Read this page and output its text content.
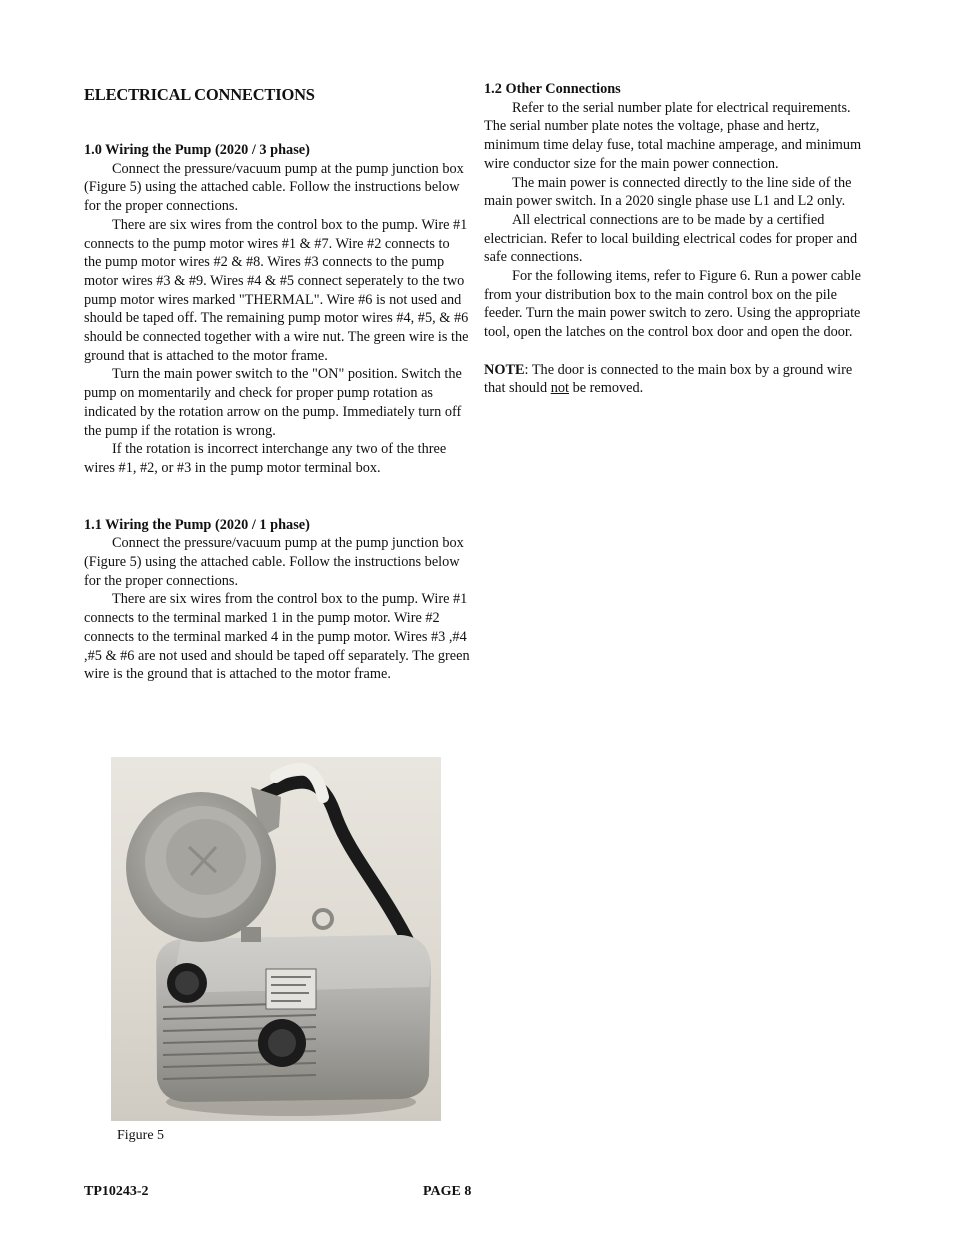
ELECTRICAL CONNECTIONS
1.0 Wiring the Pump (2020 / 3 phase)

Connect the pressure/vacuum pump at the pump junction box (Figure 5) using the attached cable. Follow the instructions below for the proper connections.

There are six wires from the control box to the pump. Wire #1 connects to the pump motor wires #1 & #7. Wire #2 connects to the pump motor wires #2 & #8. Wires #3 connects to the pump motor wires #3 & #9. Wires #4 & #5 connect seperately to the two pump motor wires marked "THERMAL". Wire #6 is not used and should be taped off. The remaining pump motor wires #4, #5, & #6 should be connected together with a wire nut. The green wire is the ground that is attached to the motor frame.

Turn the main power switch to the "ON" position. Switch the pump on momentarily and check for proper pump rotation as indicated by the rotation arrow on the pump. Immediately turn off the pump if the rotation is wrong.

If the rotation is incorrect interchange any two of the three wires #1, #2, or #3 in the pump motor terminal box.

1.1 Wiring the Pump (2020 / 1 phase)

Connect the pressure/vacuum pump at the pump junction box (Figure 5) using the attached cable. Follow the instructions below for the proper connections.

There are six wires from the control box to the pump. Wire #1 connects to the terminal marked 1 in the pump motor. Wire #2 connects to the terminal marked 4 in the pump motor. Wires #3 ,#4 ,#5 & #6 are not used and should be taped off separately. The green wire is the ground that is attached to the motor frame.

1.2 Other Connections

Refer to the serial number plate for electrical requirements. The serial number plate notes the voltage, phase and hertz, minimum time delay fuse, total machine amperage, and minimum wire conductor size for the main power connection.

The main power is connected directly to the line side of the main power switch. In a 2020 single phase use L1 and L2 only.

All electrical connections are to be made by a certified electrician. Refer to local building electrical codes for proper and safe connections.

For the following items, refer to Figure 6. Run a power cable from your distribution box to the main control box on the pile feeder. Turn the main power switch to zero. Using the appropriate tool, open the latches on the control box door and open the door.

NOTE: The door is connected to the main box by a ground wire that should not be removed.

Figure 5
TP10243-2	PAGE 8
